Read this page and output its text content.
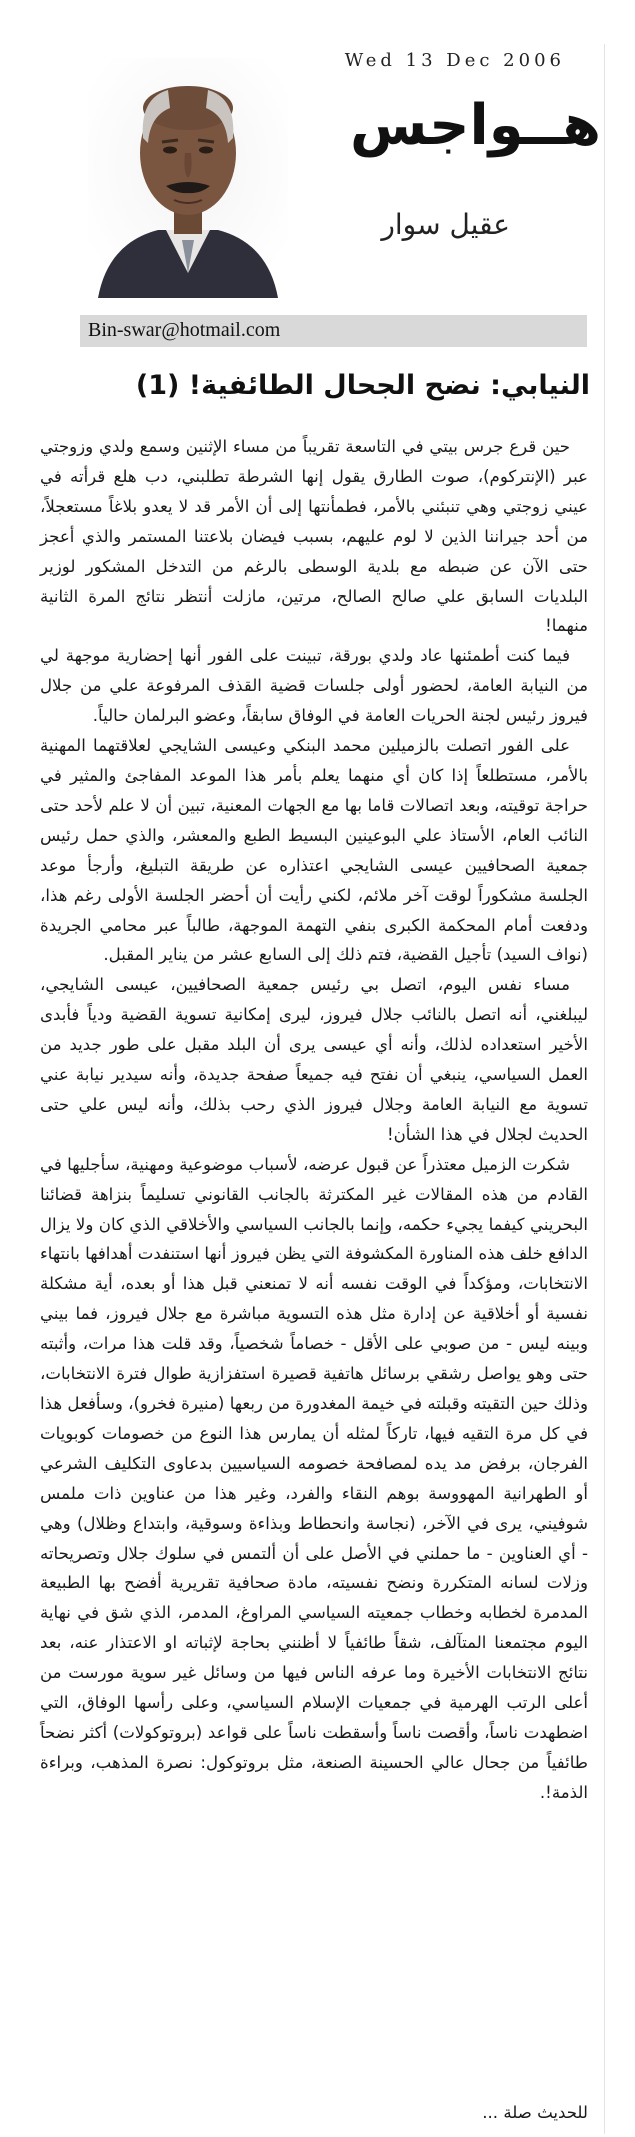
Wed 13 Dec 2006
هــواجس
عقيل سوار
Bin-swar@hotmail.com
النيابي: نضح الجحال الطائفية! (1)

حين قرع جرس بيتي في التاسعة تقريباً من مساء الإثنين وسمع ولدي وزوجتي عبر (الإنتركوم)، صوت الطارق يقول إنها الشرطة تطلبني، دب هلع قرأته في عيني زوجتي وهي تنبئني بالأمر، فطمأنتها إلى أن الأمر قد لا يعدو بلاغاً مستعجلاً، من أحد جيراننا الذين لا لوم عليهم، بسبب فيضان بلاعتنا المستمر والذي أعجز حتى الآن عن ضبطه مع بلدية الوسطى بالرغم من التدخل المشكور لوزير البلديات السابق علي صالح الصالح، مرتين، مازلت أنتظر نتائج المرة الثانية منهما!

فيما كنت أطمئنها عاد ولدي بورقة، تبينت على الفور أنها إحضارية موجهة لي من النيابة العامة، لحضور أولى جلسات قضية القذف المرفوعة علي من جلال فيروز رئيس لجنة الحريات العامة في الوفاق سابقاً، وعضو البرلمان حالياً.

على الفور اتصلت بالزميلين محمد البنكي وعيسى الشايجي لعلاقتهما المهنية بالأمر، مستطلعاً إذا كان أي منهما يعلم بأمر هذا الموعد المفاجئ والمثير في حراجة توقيته، وبعد اتصالات قاما بها مع الجهات المعنية، تبين أن لا علم لأحد حتى النائب العام، الأستاذ علي البوعينين البسيط الطبع والمعشر، والذي حمل رئيس جمعية الصحافيين عيسى الشايجي اعتذاره عن طريقة التبليغ، وأرجأ موعد الجلسة مشكوراً لوقت آخر ملائم، لكني رأيت أن أحضر الجلسة الأولى رغم هذا، ودفعت أمام المحكمة الكبرى بنفي التهمة الموجهة، طالباً عبر محامي الجريدة (نواف السيد) تأجيل القضية، فتم ذلك إلى السابع عشر من يناير المقبل.

مساء نفس اليوم، اتصل بي رئيس جمعية الصحافيين، عيسى الشايجي، ليبلغني، أنه اتصل بالنائب جلال فيروز، ليرى إمكانية تسوية القضية ودياً فأبدى الأخير استعداده لذلك، وأنه أي عيسى يرى أن البلد مقبل على طور جديد من العمل السياسي، ينبغي أن نفتح فيه جميعاً صفحة جديدة، وأنه سيدير نيابة عني تسوية مع النيابة العامة وجلال فيروز الذي رحب بذلك، وأنه ليس علي حتى الحديث لجلال في هذا الشأن!

شكرت الزميل معتذراً عن قبول عرضه، لأسباب موضوعية ومهنية، سأجليها في القادم من هذه المقالات غير المكترثة بالجانب القانوني تسليماً بنزاهة قضائنا البحريني كيفما يجيء حكمه، وإنما بالجانب السياسي والأخلاقي الذي كان ولا يزال الدافع خلف هذه المناورة المكشوفة التي يظن فيروز أنها استنفدت أهدافها بانتهاء الانتخابات، ومؤكداً في الوقت نفسه أنه لا تمنعني قبل هذا أو بعده، أية مشكلة نفسية أو أخلاقية عن إدارة مثل هذه التسوية مباشرة مع جلال فيروز، فما بيني وبينه ليس - من صوبي على الأقل - خصاماً شخصياً، وقد قلت هذا مرات، وأثبته حتى وهو يواصل رشقي برسائل هاتفية قصيرة استفزازية طوال فترة الانتخابات، وذلك حين التقيته وقبلته في خيمة المغدورة من ربعها (منيرة فخرو)، وسأفعل هذا في كل مرة التقيه فيها، تاركاً لمثله أن يمارس هذا النوع من خصومات كوبويات الفرجان، برفض مد يده لمصافحة خصومه السياسيين بدعاوى التكليف الشرعي أو الطهرانية المهووسة بوهم النقاء والفرد، وغير هذا من عناوين ذات ملمس شوفيني، يرى في الآخر، (نجاسة وانحطاط وبذاءة وسوقية، وابتداع وظلال) وهي - أي العناوين - ما حملني في الأصل على أن ألتمس في سلوك جلال وتصريحاته وزلات لسانه المتكررة ونضح نفسيته، مادة صحافية تقريرية أفضح بها الطبيعة المدمرة لخطابه وخطاب جمعيته السياسي المراوغ، المدمر، الذي شق في نهاية اليوم مجتمعنا المتآلف، شقاً طائفياً لا أظنني بحاجة لإثباته او الاعتذار عنه، بعد نتائج الانتخابات الأخيرة وما عرفه الناس فيها من وسائل غير سوية مورست من أعلى الرتب الهرمية في جمعيات الإسلام السياسي، وعلى رأسها الوفاق، التي اضطهدت ناساً، وأقصت ناساً وأسقطت ناساً على قواعد (بروتوكولات) أكثر نضحاً طائفياً من جحال عالي الحسينة الصنعة، مثل بروتوكول: نصرة المذهب، وبراءة الذمة!.

للحديث صلة ...
